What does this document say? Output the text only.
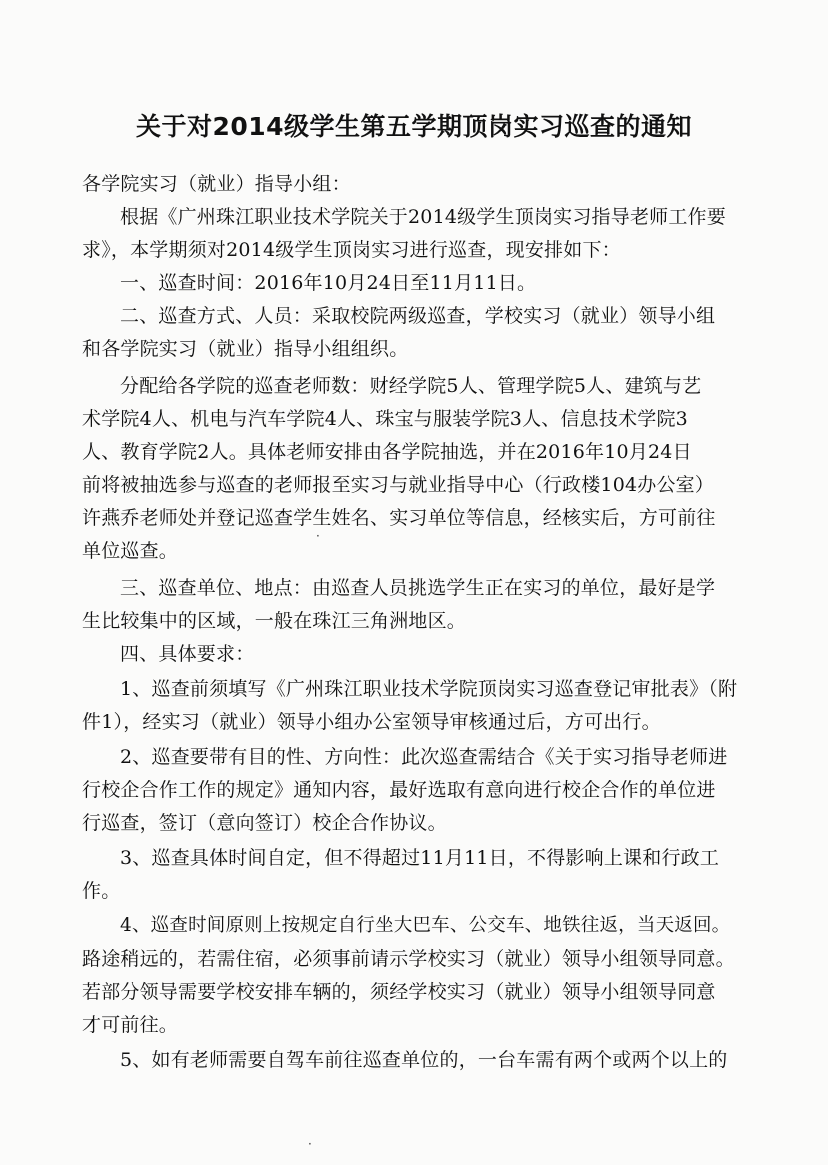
关于对2014级学生第五学期顶岗实习巡查的通知
各学院实习（就业）指导小组：
根据《广州珠江职业技术学院关于2014级学生顶岗实习指导老师工作要
求》，本学期须对2014级学生顶岗实习进行巡查，现安排如下：
一、巡查时间：2016年10月24日至11月11日。
二、巡查方式、人员：采取校院两级巡查，学校实习（就业）领导小组
和各学院实习（就业）指导小组组织。
分配给各学院的巡查老师数：财经学院5人、管理学院5人、建筑与艺
术学院4人、机电与汽车学院4人、珠宝与服装学院3人、信息技术学院3
人、教育学院2人。具体老师安排由各学院抽选，并在2016年10月24日
前将被抽选参与巡查的老师报至实习与就业指导中心（行政楼104办公室）
许燕乔老师处并登记巡查学生姓名、实习单位等信息，经核实后，方可前往
单位巡查。
三、巡查单位、地点：由巡查人员挑选学生正在实习的单位，最好是学
生比较集中的区域，一般在珠江三角洲地区。
四、具体要求：
1、巡查前须填写《广州珠江职业技术学院顶岗实习巡查登记审批表》（附
件1），经实习（就业）领导小组办公室领导审核通过后，方可出行。
2、巡查要带有目的性、方向性：此次巡查需结合《关于实习指导老师进
行校企合作工作的规定》通知内容，最好选取有意向进行校企合作的单位进
行巡查，签订（意向签订）校企合作协议。
3、巡查具体时间自定，但不得超过11月11日，不得影响上课和行政工
作。
4、巡查时间原则上按规定自行坐大巴车、公交车、地铁往返，当天返回。
路途稍远的，若需住宿，必须事前请示学校实习（就业）领导小组领导同意。
若部分领导需要学校安排车辆的，须经学校实习（就业）领导小组领导同意
才可前往。
5、如有老师需要自驾车前往巡查单位的，一台车需有两个或两个以上的
·
·
